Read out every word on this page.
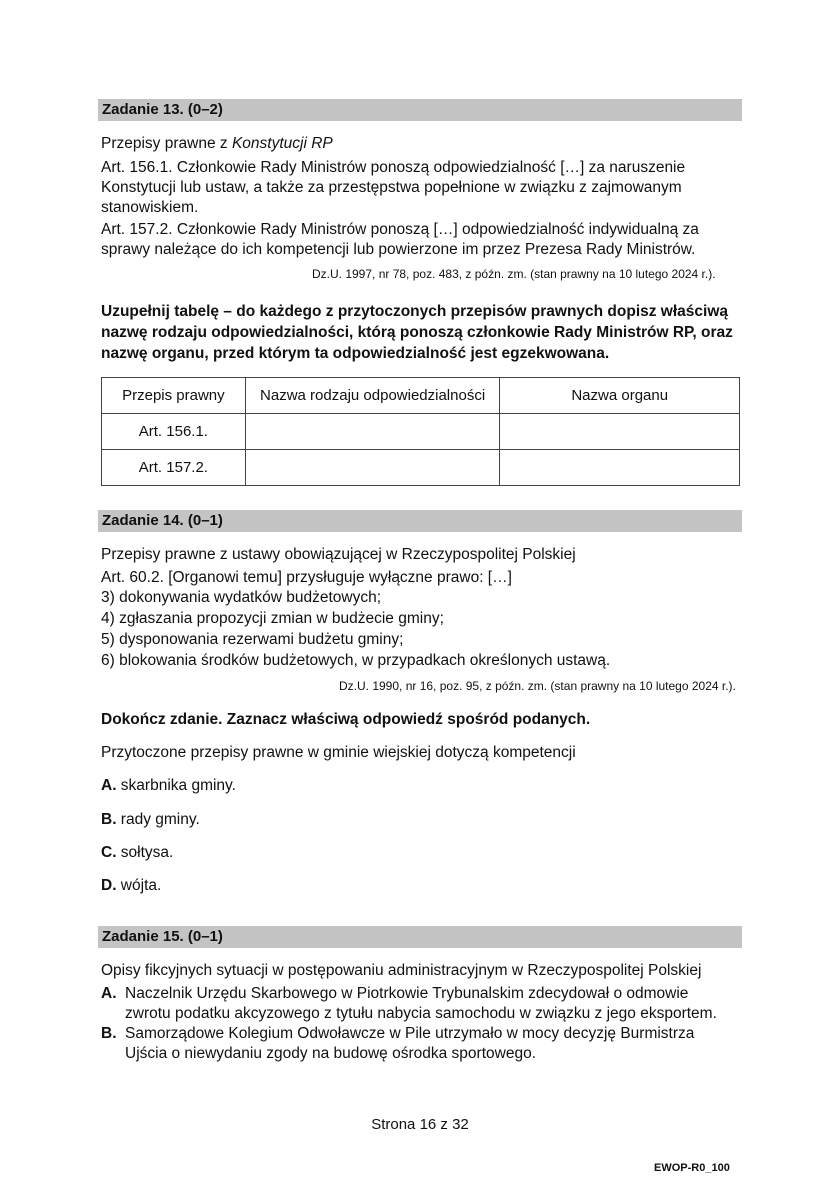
Zadanie 13. (0–2)
Przepisy prawne z Konstytucji RP
Art. 156.1. Członkowie Rady Ministrów ponoszą odpowiedzialność […] za naruszenie
Konstytucji lub ustaw, a także za przestępstwa popełnione w związku z zajmowanym
stanowiskiem.
Art. 157.2. Członkowie Rady Ministrów ponoszą […] odpowiedzialność indywidualną za
sprawy należące do ich kompetencji lub powierzone im przez Prezesa Rady Ministrów.
Dz.U. 1997, nr 78, poz. 483, z późn. zm. (stan prawny na 10 lutego 2024 r.).
Uzupełnij tabelę – do każdego z przytoczonych przepisów prawnych dopisz właściwą
nazwę rodzaju odpowiedzialności, którą ponoszą członkowie Rady Ministrów RP, oraz
nazwę organu, przed którym ta odpowiedzialność jest egzekwowana.
Przepis prawny	Nazwa rodzaju odpowiedzialności	Nazwa organu
Art. 156.1.		
Art. 157.2.		
Zadanie 14. (0–1)
Przepisy prawne z ustawy obowiązującej w Rzeczypospolitej Polskiej
Art. 60.2. [Organowi temu] przysługuje wyłączne prawo: […]
3) dokonywania wydatków budżetowych;
4) zgłaszania propozycji zmian w budżecie gminy;
5) dysponowania rezerwami budżetu gminy;
6) blokowania środków budżetowych, w przypadkach określonych ustawą.
Dz.U. 1990, nr 16, poz. 95, z późn. zm. (stan prawny na 10 lutego 2024 r.).
Dokończ zdanie. Zaznacz właściwą odpowiedź spośród podanych.
Przytoczone przepisy prawne w gminie wiejskiej dotyczą kompetencji
A. skarbnika gminy.
B. rady gminy.
C. sołtysa.
D. wójta.
Zadanie 15. (0–1)
Opisy fikcyjnych sytuacji w postępowaniu administracyjnym w Rzeczypospolitej Polskiej
A. Naczelnik Urzędu Skarbowego w Piotrkowie Trybunalskim zdecydował o odmowie
zwrotu podatku akcyzowego z tytułu nabycia samochodu w związku z jego eksportem.
B. Samorządowe Kolegium Odwoławcze w Pile utrzymało w mocy decyzję Burmistrza
Ujścia o niewydaniu zgody na budowę ośrodka sportowego.
Strona 16 z 32
EWOP-R0_100
